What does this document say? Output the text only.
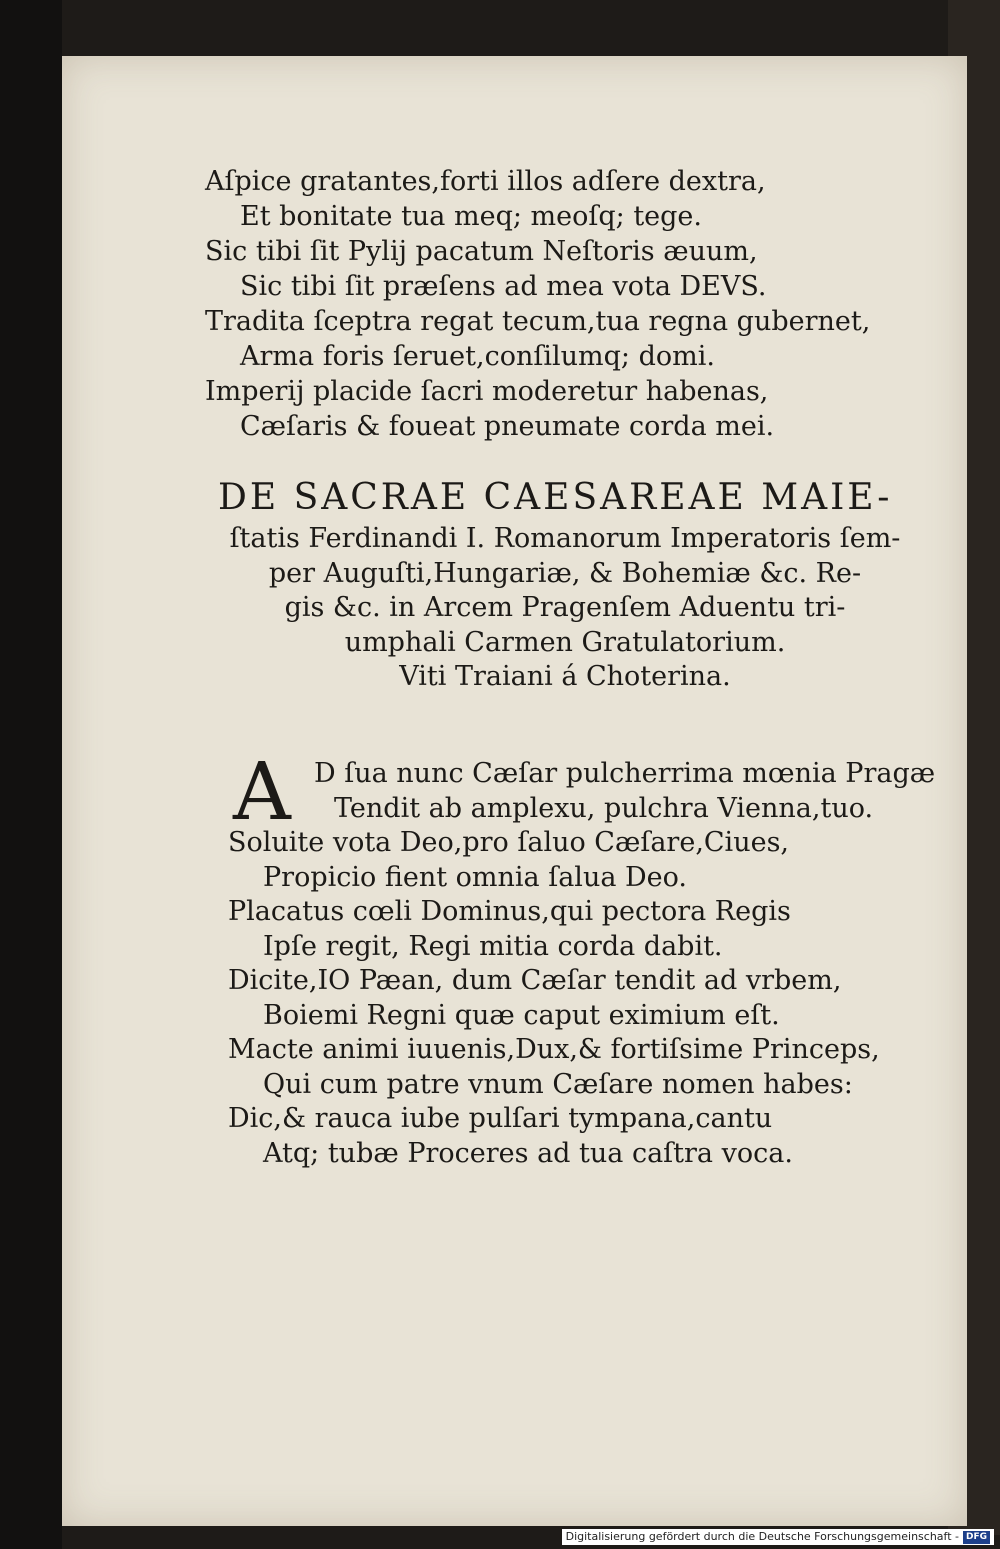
Aſpice gratantes,forti illos adſere dextra,
Et bonitate tua meq; meoſq; tege.
Sic tibi ſit Pylij pacatum Neſtoris æuum,
Sic tibi ſit præſens ad mea vota DEVS.
Tradita ſceptra regat tecum,tua regna gubernet,
Arma foris ſeruet,conſilumq; domi.
Imperij placide ſacri moderetur habenas,
Cæſaris & foueat pneumate corda mei.
DE SACRAE CAESAREAE MAIE-
ſtatis Ferdinandi I. Romanorum Imperatoris ſem-
per Auguſti,Hungariæ, & Bohemiæ &c. Re-
gis &c. in Arcem Pragenſem Aduentu tri-
umphali Carmen Gratulatorium.
Viti Traiani á Choterina.
A D ſua nunc Cæſar pulcherrima mœnia Pragæ
Tendit ab amplexu, pulchra Vienna,tuo.
Soluite vota Deo,pro ſaluo Cæſare,Ciues,
Propicio fient omnia ſalua Deo.
Placatus cœli Dominus,qui pectora Regis
Ipſe regit, Regi mitia corda dabit.
Dicite,IO Pæan, dum Cæſar tendit ad vrbem,
Boiemi Regni quæ caput eximium eſt.
Macte animi iuuenis,Dux,& fortiſsime Princeps,
Qui cum patre vnum Cæſare nomen habes:
Dic,& rauca iube pulſari tympana,cantu
Atq; tubæ Proceres ad tua caſtra voca.
Digitalisierung gefördert durch die Deutsche Forschungsgemeinschaft - DFG
